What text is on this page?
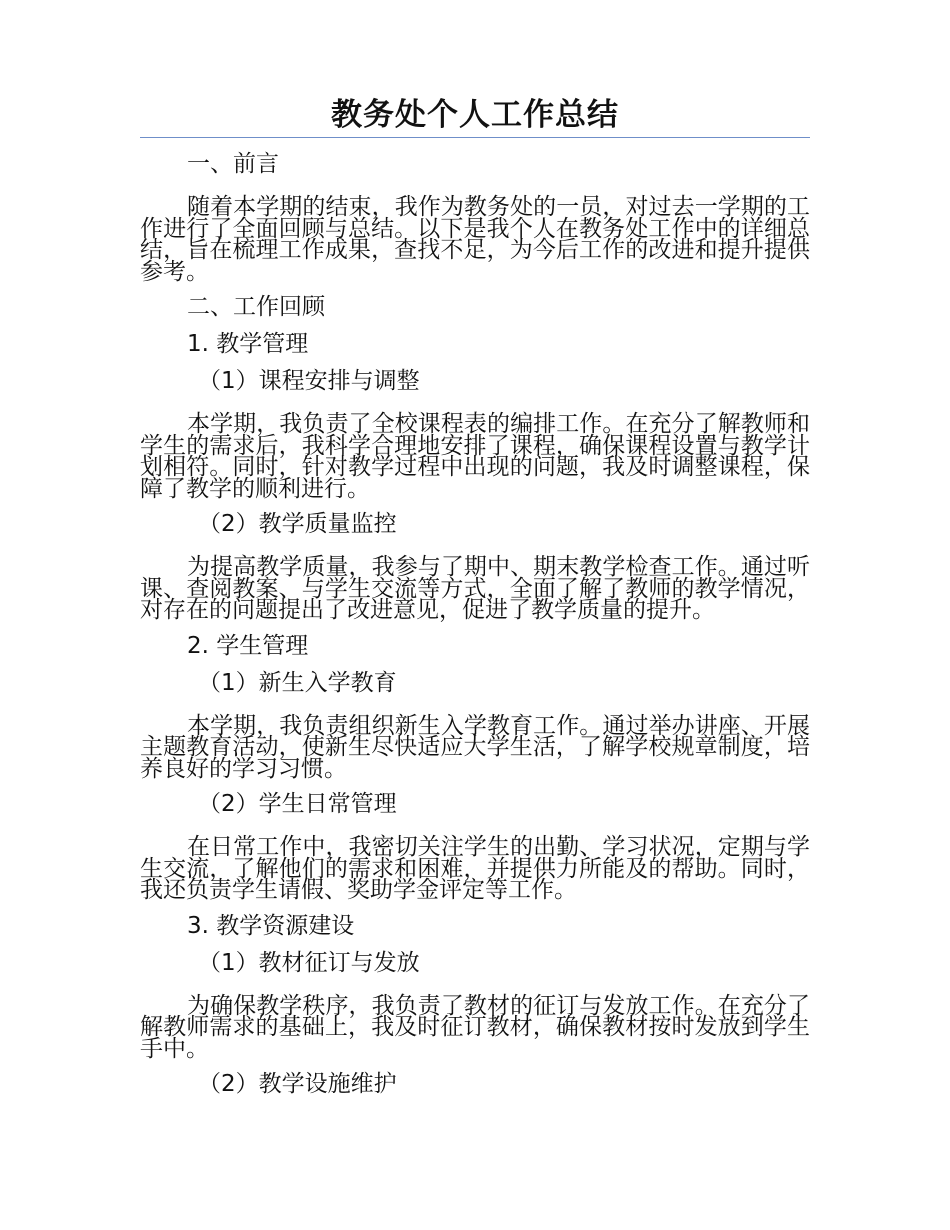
教务处个人工作总结
一、前言

随着本学期的结束，我作为教务处的一员，对过去一学期的工作进行了全面回顾与总结。以下是我个人在教务处工作中的详细总结，旨在梳理工作成果，查找不足，为今后工作的改进和提升提供参考。

二、工作回顾
1. 教学管理
（1）课程安排与调整

本学期，我负责了全校课程表的编排工作。在充分了解教师和学生的需求后，我科学合理地安排了课程，确保课程设置与教学计划相符。同时，针对教学过程中出现的问题，我及时调整课程，保障了教学的顺利进行。

（2）教学质量监控

为提高教学质量，我参与了期中、期末教学检查工作。通过听课、查阅教案、与学生交流等方式，全面了解了教师的教学情况，对存在的问题提出了改进意见，促进了教学质量的提升。

2. 学生管理
（1）新生入学教育

本学期，我负责组织新生入学教育工作。通过举办讲座、开展主题教育活动，使新生尽快适应大学生活，了解学校规章制度，培养良好的学习习惯。

（2）学生日常管理

在日常工作中，我密切关注学生的出勤、学习状况，定期与学生交流，了解他们的需求和困难，并提供力所能及的帮助。同时，我还负责学生请假、奖助学金评定等工作。

3. 教学资源建设
（1）教材征订与发放

为确保教学秩序，我负责了教材的征订与发放工作。在充分了解教师需求的基础上，我及时征订教材，确保教材按时发放到学生手中。

（2）教学设施维护
